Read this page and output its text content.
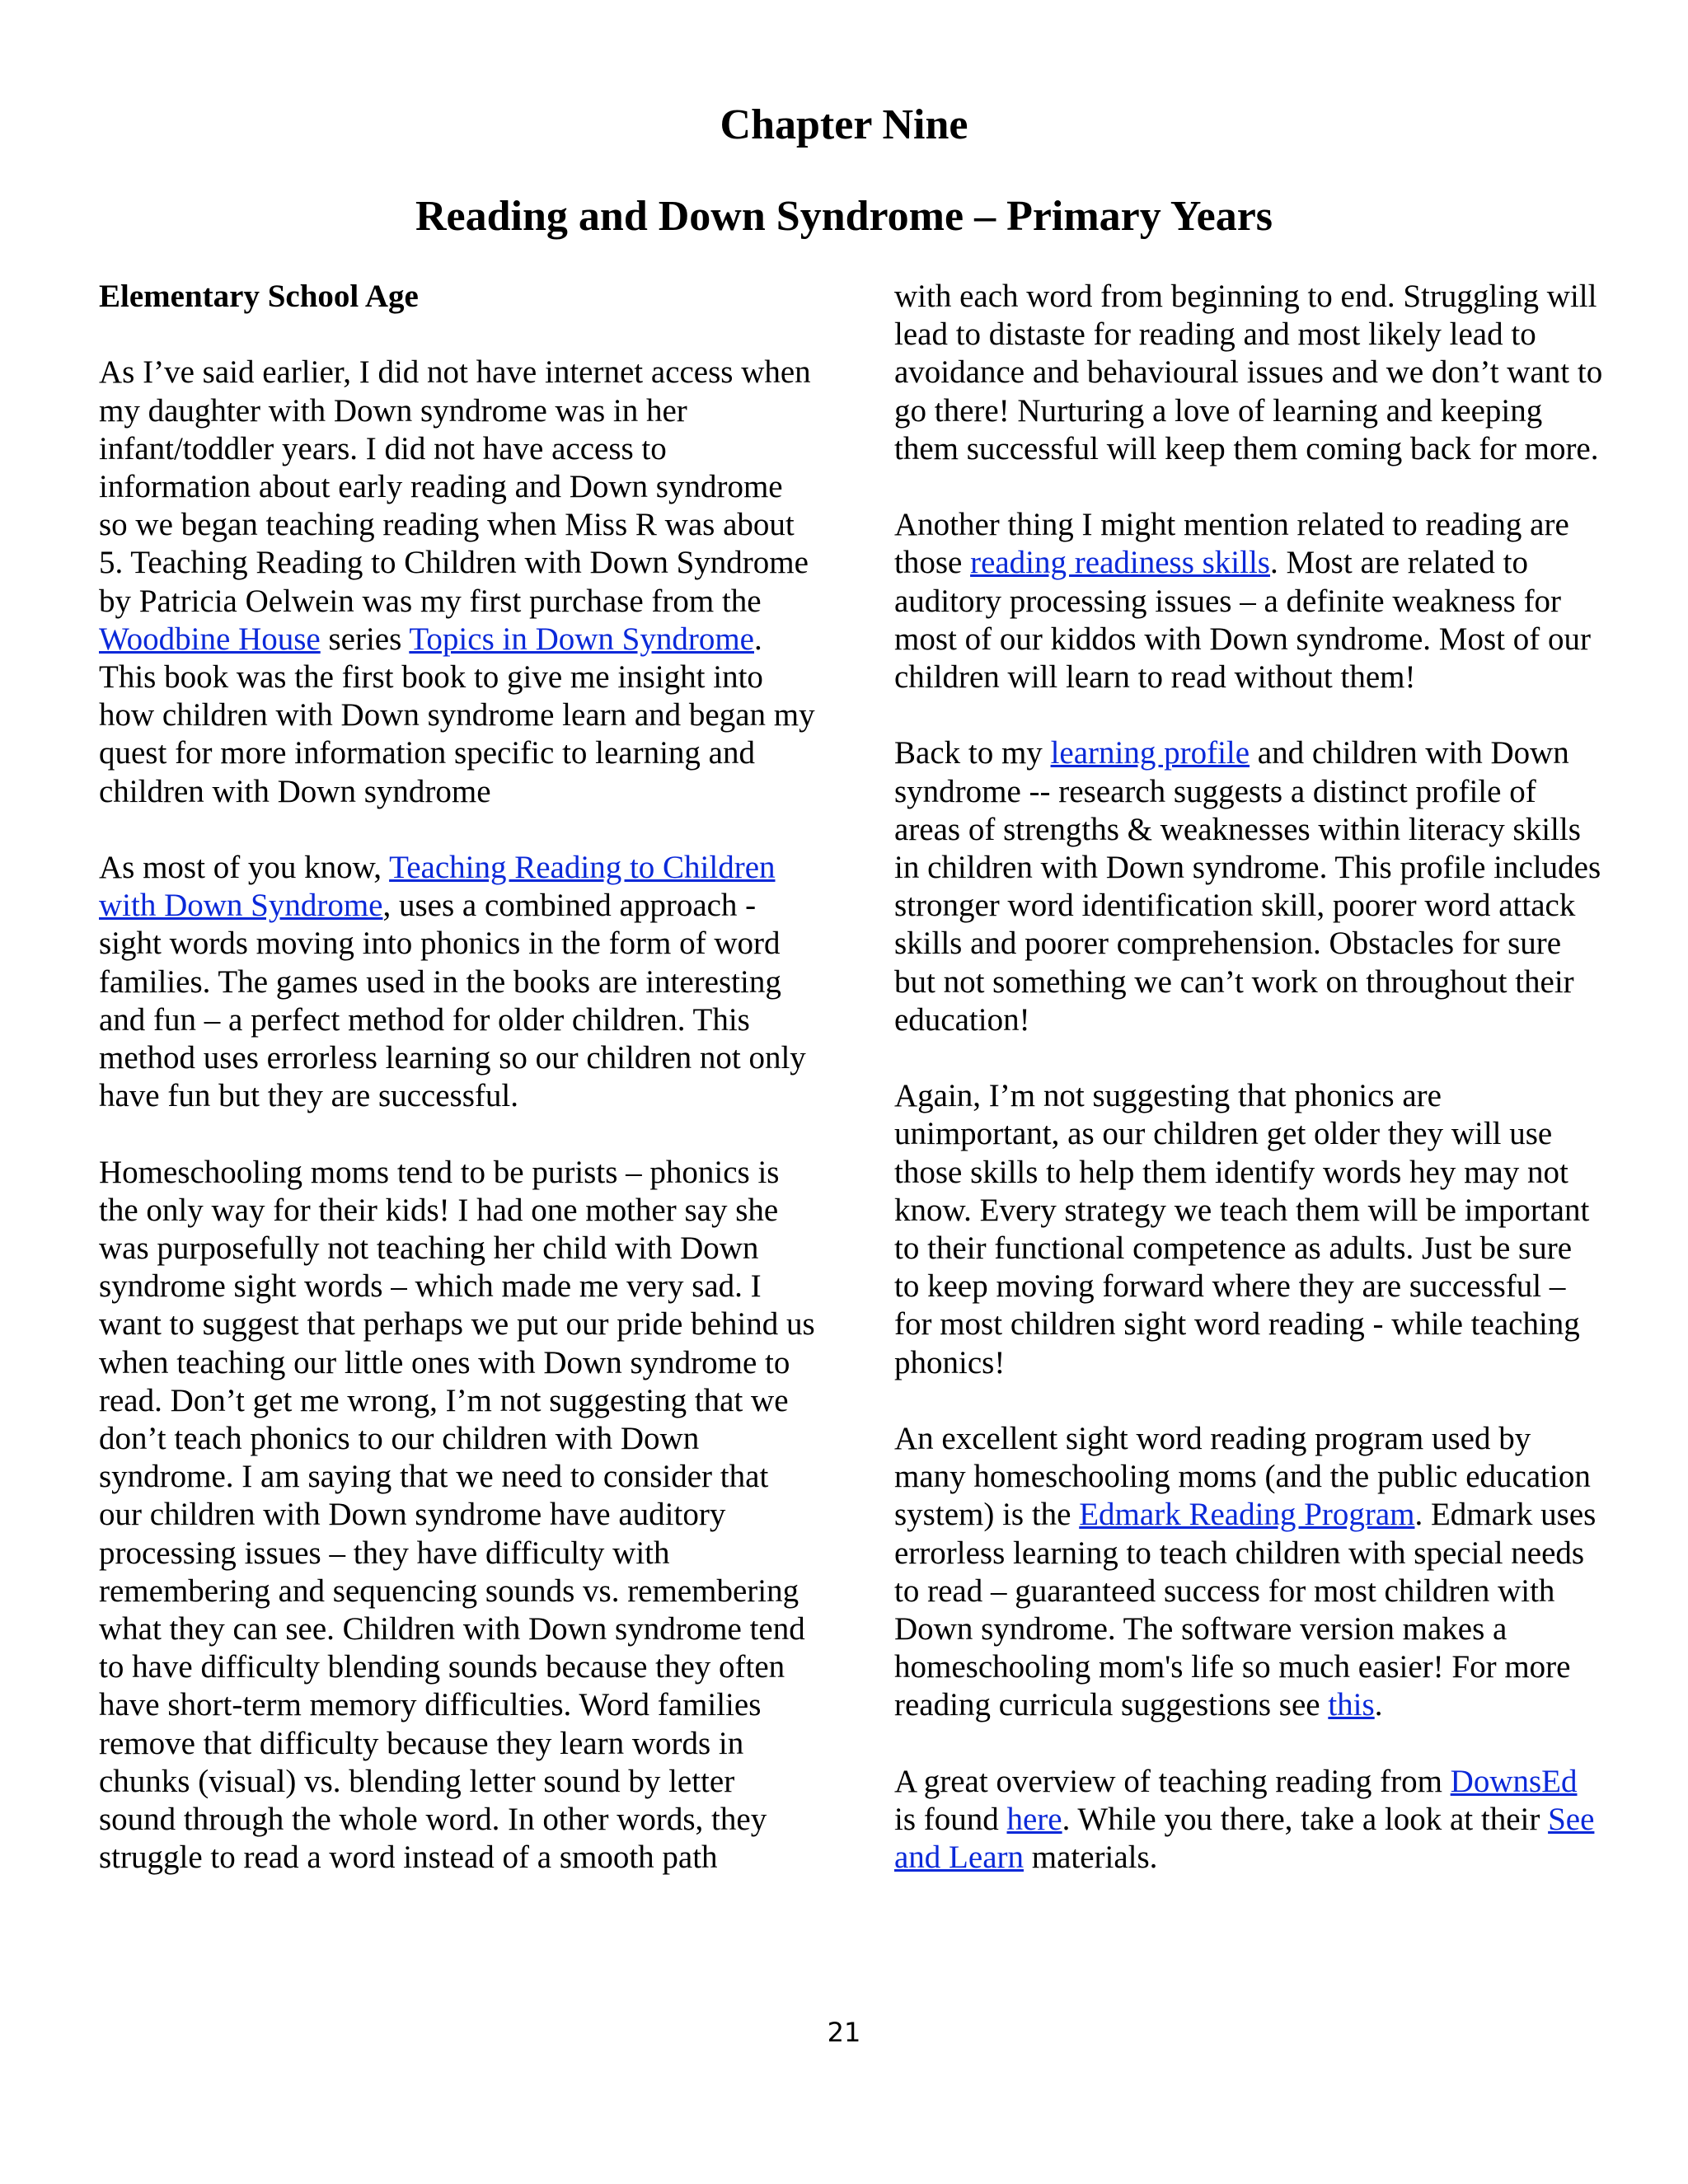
Chapter Nine
Reading and Down Syndrome – Primary Years

Elementary School Age

As I’ve said earlier, I did not have internet access when my daughter with Down syndrome was in her infant/toddler years. I did not have access to information about early reading and Down syndrome so we began teaching reading when Miss R was about 5. Teaching Reading to Children with Down Syndrome by Patricia Oelwein was my first purchase from the Woodbine House series Topics in Down Syndrome. This book was the first book to give me insight into how children with Down syndrome learn and began my quest for more information specific to learning and children with Down syndrome

As most of you know, Teaching Reading to Children with Down Syndrome, uses a combined approach - sight words moving into phonics in the form of word families. The games used in the books are interesting and fun – a perfect method for older children. This method uses errorless learning so our children not only have fun but they are successful.

Homeschooling moms tend to be purists – phonics is the only way for their kids! I had one mother say she was purposefully not teaching her child with Down syndrome sight words – which made me very sad. I want to suggest that perhaps we put our pride behind us when teaching our little ones with Down syndrome to read. Don’t get me wrong, I’m not suggesting that we don’t teach phonics to our children with Down syndrome. I am saying that we need to consider that our children with Down syndrome have auditory processing issues – they have difficulty with remembering and sequencing sounds vs. remembering what they can see. Children with Down syndrome tend to have difficulty blending sounds because they often have short-term memory difficulties. Word families remove that difficulty because they learn words in chunks (visual) vs. blending letter sound by letter sound through the whole word. In other words, they struggle to read a word instead of a smooth path

with each word from beginning to end. Struggling will lead to distaste for reading and most likely lead to avoidance and behavioural issues and we don’t want to go there! Nurturing a love of learning and keeping them successful will keep them coming back for more.

Another thing I might mention related to reading are those reading readiness skills. Most are related to auditory processing issues – a definite weakness for most of our kiddos with Down syndrome. Most of our children will learn to read without them!

Back to my learning profile and children with Down syndrome -- research suggests a distinct profile of areas of strengths & weaknesses within literacy skills in children with Down syndrome. This profile includes stronger word identification skill, poorer word attack skills and poorer comprehension. Obstacles for sure but not something we can’t work on throughout their education!

Again, I’m not suggesting that phonics are unimportant, as our children get older they will use those skills to help them identify words hey may not know. Every strategy we teach them will be important to their functional competence as adults. Just be sure to keep moving forward where they are successful – for most children sight word reading - while teaching phonics!

An excellent sight word reading program used by many homeschooling moms (and the public education system) is the Edmark Reading Program. Edmark uses errorless learning to teach children with special needs to read – guaranteed success for most children with Down syndrome. The software version makes a homeschooling mom's life so much easier! For more reading curricula suggestions see this.

A great overview of teaching reading from DownsEd is found here. While you there, take a look at their See and Learn materials.

21
